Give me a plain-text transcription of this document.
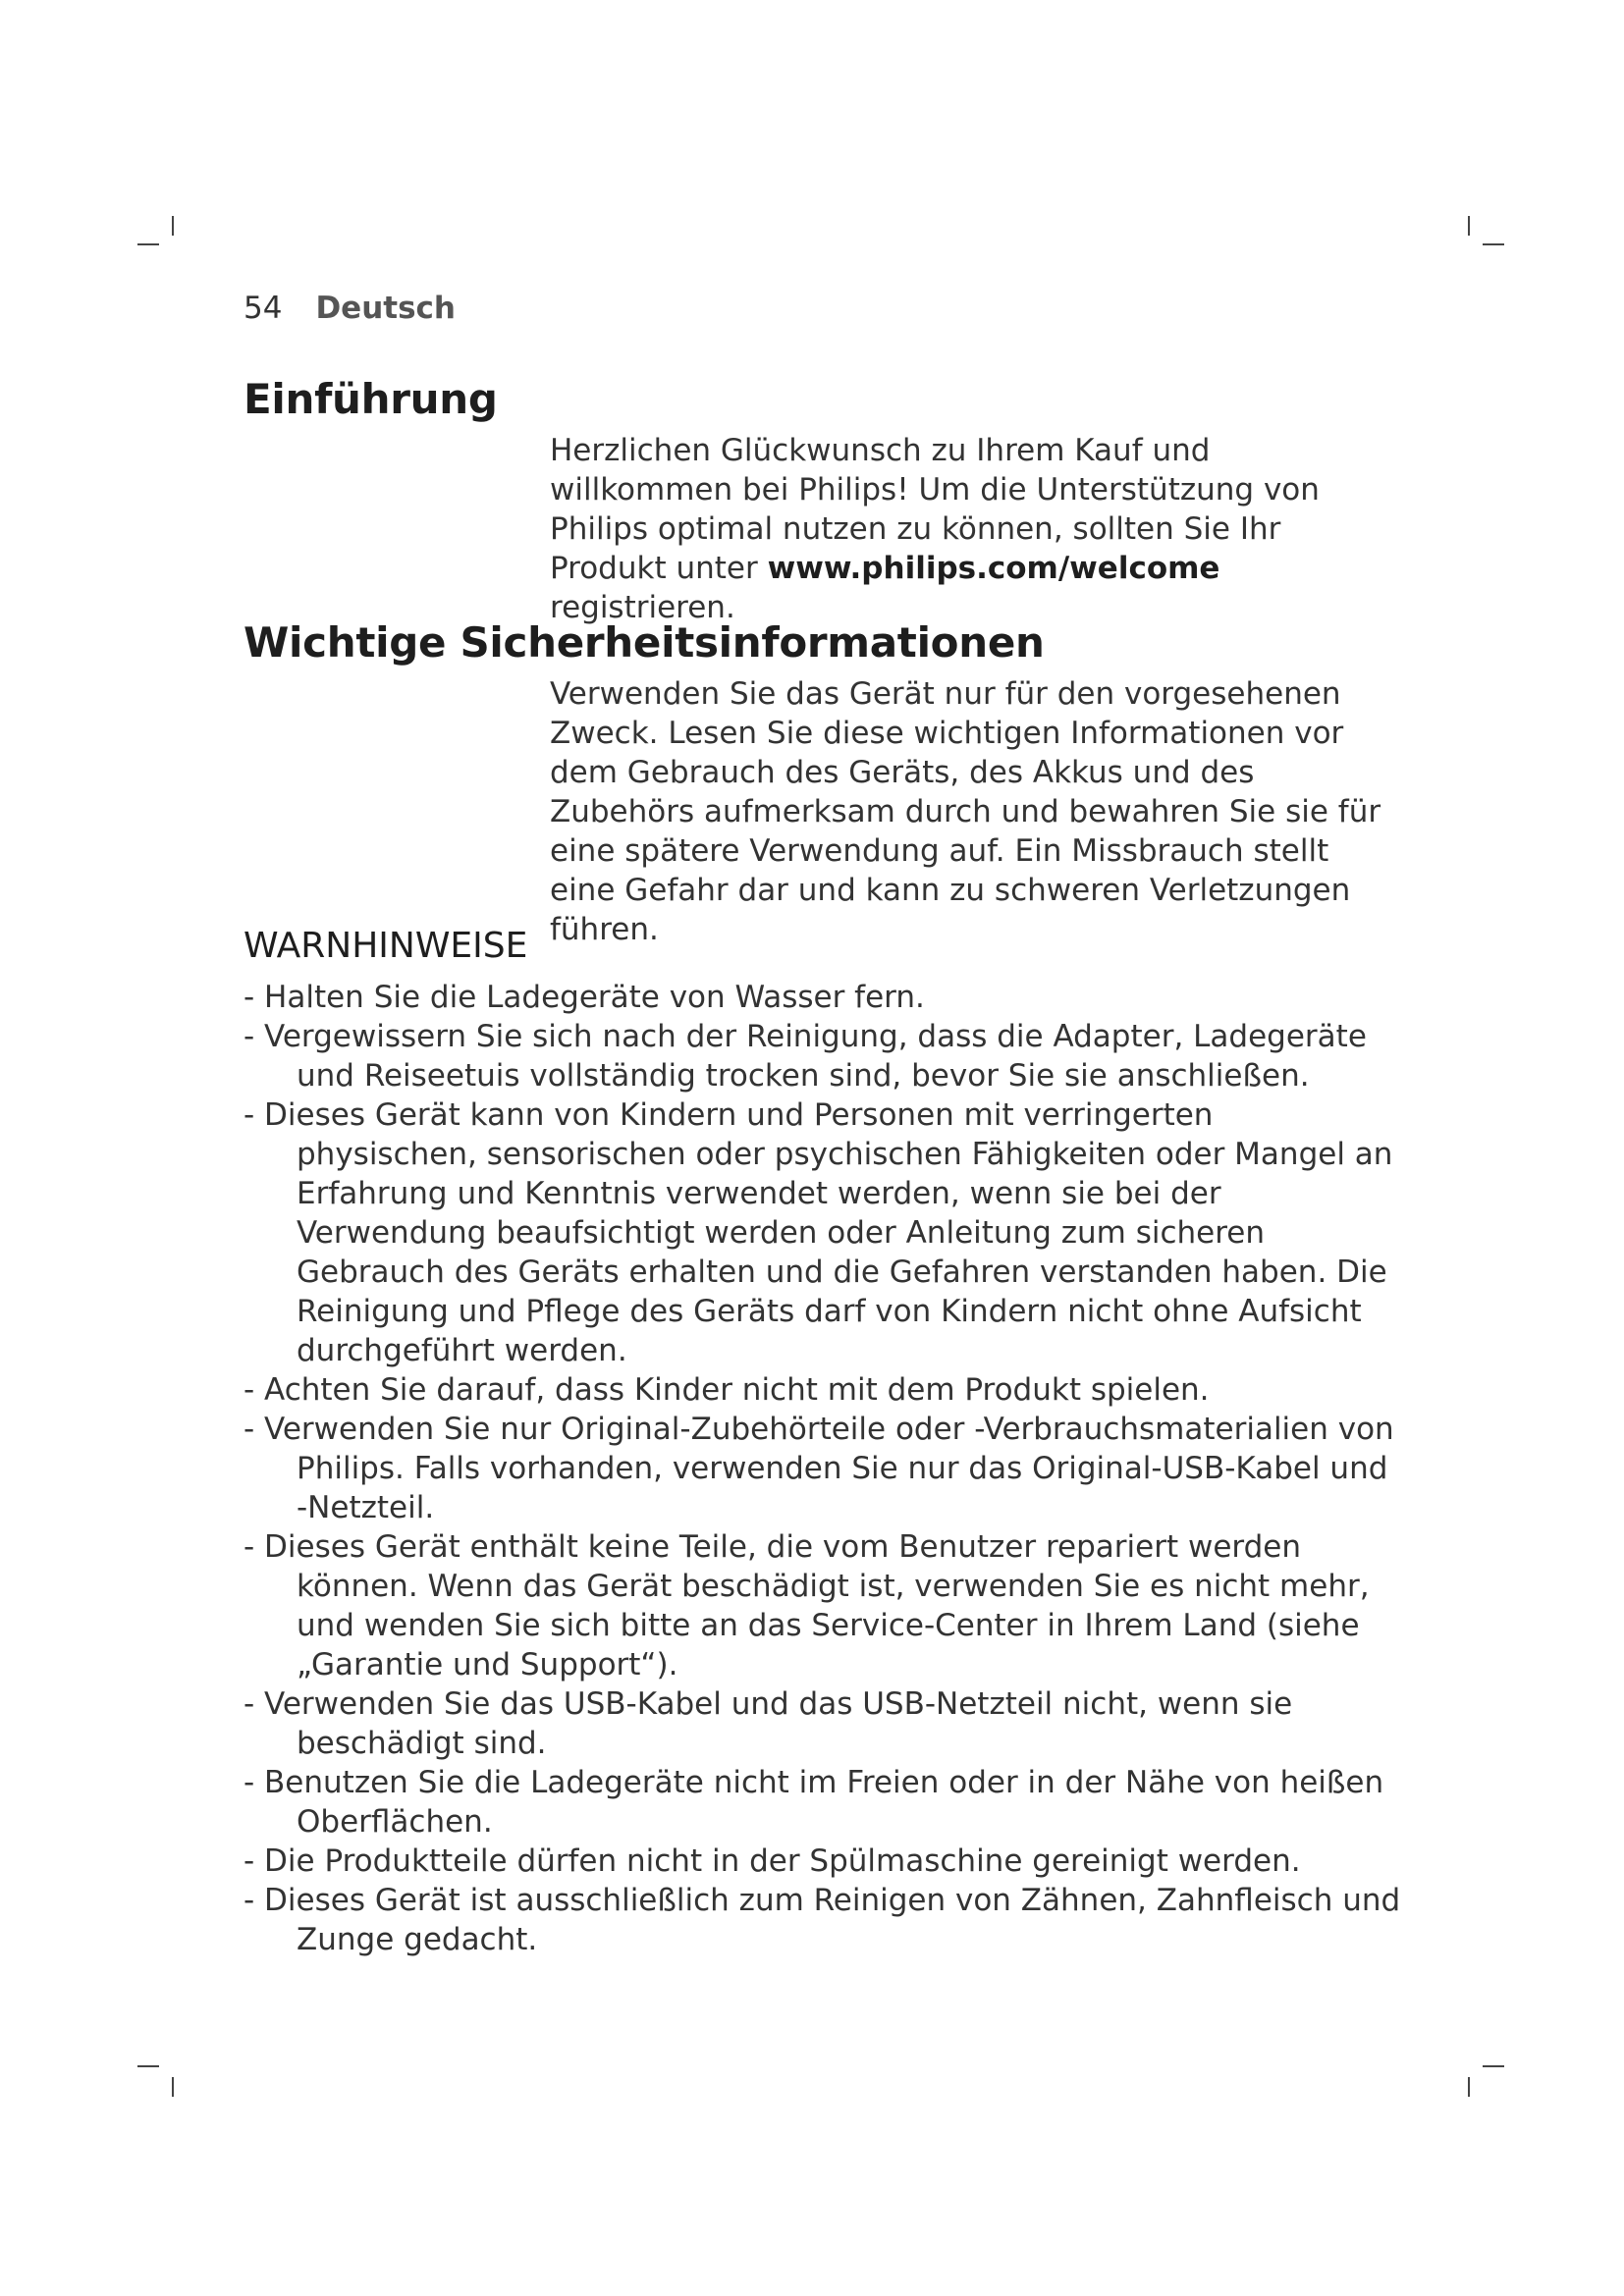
54 Deutsch
Einführung

Herzlichen Glückwunsch zu Ihrem Kauf und willkommen bei Philips! Um die Unterstützung von Philips optimal nutzen zu können, sollten Sie Ihr Produkt unter www.philips.com/welcome registrieren.

Wichtige Sicherheitsinformationen

Verwenden Sie das Gerät nur für den vorgesehenen Zweck. Lesen Sie diese wichtigen Informationen vor dem Gebrauch des Geräts, des Akkus und des Zubehörs aufmerksam durch und bewahren Sie sie für eine spätere Verwendung auf. Ein Missbrauch stellt eine Gefahr dar und kann zu schweren Verletzungen führen.

WARNHINWEISE
- Halten Sie die Ladegeräte von Wasser fern.
- Vergewissern Sie sich nach der Reinigung, dass die Adapter, Ladegeräte und Reiseetuis vollständig trocken sind, bevor Sie sie anschließen.
- Dieses Gerät kann von Kindern und Personen mit verringerten physischen, sensorischen oder psychischen Fähigkeiten oder Mangel an Erfahrung und Kenntnis verwendet werden, wenn sie bei der Verwendung beaufsichtigt werden oder Anleitung zum sicheren Gebrauch des Geräts erhalten und die Gefahren verstanden haben. Die Reinigung und Pflege des Geräts darf von Kindern nicht ohne Aufsicht durchgeführt werden.
- Achten Sie darauf, dass Kinder nicht mit dem Produkt spielen.
- Verwenden Sie nur Original-Zubehörteile oder -Verbrauchsmaterialien von Philips. Falls vorhanden, verwenden Sie nur das Original-USB-Kabel und -Netzteil.
- Dieses Gerät enthält keine Teile, die vom Benutzer repariert werden können. Wenn das Gerät beschädigt ist, verwenden Sie es nicht mehr, und wenden Sie sich bitte an das Service-Center in Ihrem Land (siehe „Garantie und Support“).
- Verwenden Sie das USB-Kabel und das USB-Netzteil nicht, wenn sie beschädigt sind.
- Benutzen Sie die Ladegeräte nicht im Freien oder in der Nähe von heißen Oberflächen.
- Die Produktteile dürfen nicht in der Spülmaschine gereinigt werden.
- Dieses Gerät ist ausschließlich zum Reinigen von Zähnen, Zahnfleisch und Zunge gedacht.
